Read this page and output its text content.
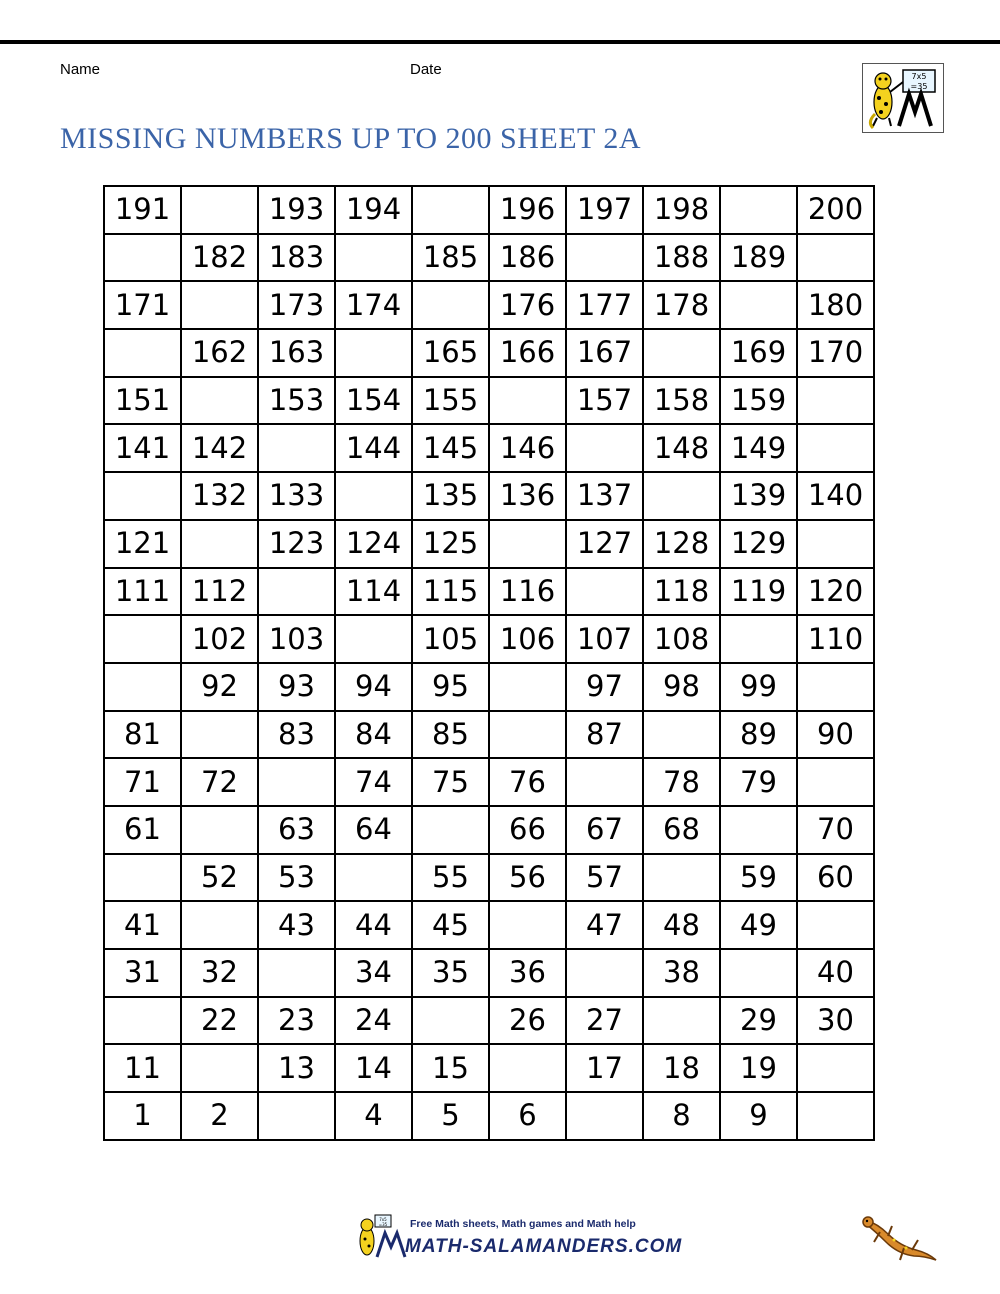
Name	Date
MISSING NUMBERS UP TO 200 SHEET 2A
7x5
=35
191		193	194		196	197	198		200
	182	183		185	186		188	189	
171		173	174		176	177	178		180
	162	163		165	166	167		169	170
151		153	154	155		157	158	159	
141	142		144	145	146		148	149	
	132	133		135	136	137		139	140
121		123	124	125		127	128	129	
111	112		114	115	116		118	119	120
	102	103		105	106	107	108		110
	92	93	94	95		97	98	99	
81		83	84	85		87		89	90
71	72		74	75	76		78	79	
61		63	64		66	67	68		70
	52	53		55	56	57		59	60
41		43	44	45		47	48	49	
31	32		34	35	36		38		40
	22	23	24		26	27		29	30
11		13	14	15		17	18	19	
1	2		4	5	6		8	9	
7x5
=35 Free Math sheets, Math games and Math help

MATH-SALAMANDERS.COM
